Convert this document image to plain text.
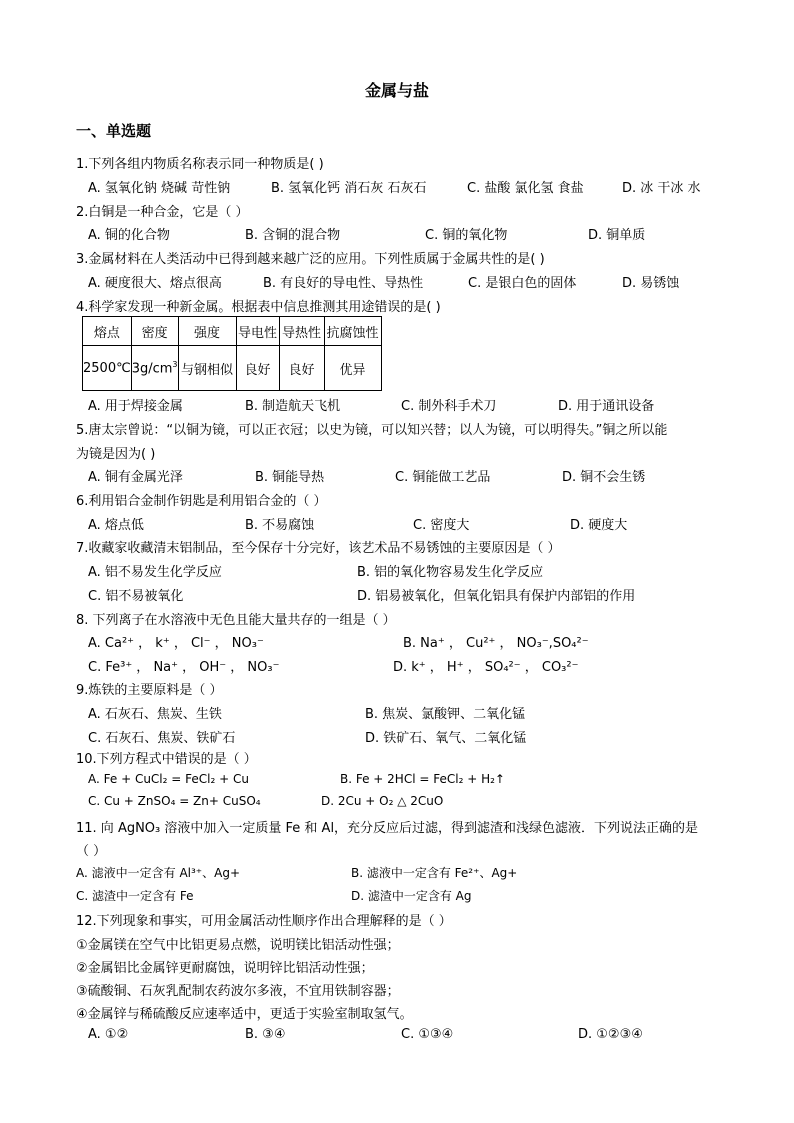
金属与盐
一、单选题
1.下列各组内物质名称表示同一种物质是( )
A. 氢氧化钠 烧碱 苛性钠	B. 氢氧化钙 消石灰 石灰石	C. 盐酸 氯化氢 食盐	D. 冰 干冰 水
2.白铜是一种合金，它是（ ）
A. 铜的化合物	B. 含铜的混合物	C. 铜的氧化物	D. 铜单质
3.金属材料在人类活动中已得到越来越广泛的应用。下列性质属于金属共性的是( )
A. 硬度很大、熔点很高	B. 有良好的导电性、导热性	C. 是银白色的固体	D. 易锈蚀
4.科学家发现一种新金属。根据表中信息推测其用途错误的是( )
熔点	密度	强度	导电性	导热性	抗腐蚀性
2500℃	$3g/cm^3$	与钢相似	良好	良好	优异
A. 用于焊接金属	B. 制造航天飞机	C. 制外科手术刀	D. 用于通讯设备
5.唐太宗曾说：“以铜为镜，可以正衣冠；以史为镜，可以知兴替；以人为镜，可以明得失。”铜之所以能
为镜是因为( )
A. 铜有金属光泽	B. 铜能导热	C. 铜能做工艺品	D. 铜不会生锈
6.利用铝合金制作钥匙是利用铝合金的（ ）
A. 熔点低	B. 不易腐蚀	C. 密度大	D. 硬度大
7.收藏家收藏清末铝制品，至今保存十分完好，该艺术品不易锈蚀的主要原因是（ ）
A. 铝不易发生化学反应	B. 铝的氧化物容易发生化学反应
C. 铝不易被氧化	D. 铝易被氧化，但氧化铝具有保护内部铝的作用
8. 下列离子在水溶液中无色且能大量共存的一组是（ ）
A. Ca²⁺ ， k⁺ ， Cl⁻ ， NO₃⁻	B. Na⁺ ， Cu²⁺ ， NO₃⁻,SO₄²⁻
C. Fe³⁺ ， Na⁺ ， OH⁻ ， NO₃⁻	D. k⁺ ， H⁺ ， SO₄²⁻ ， CO₃²⁻
9.炼铁的主要原料是（ ）
A. 石灰石、焦炭、生铁	B. 焦炭、氯酸钾、二氧化锰
C. 石灰石、焦炭、铁矿石	D. 铁矿石、氧气、二氧化锰
10.下列方程式中错误的是（ ）
A. Fe + CuCl₂ = FeCl₂ + Cu	B. Fe + 2HCl = FeCl₂ + H₂↑
C. Cu + ZnSO₄ = Zn+ CuSO₄	D. 2Cu + O₂ △ 2CuO
11. 向 AgNO₃ 溶液中加入一定质量 Fe 和 Al，充分反应后过滤，得到滤渣和浅绿色滤液．下列说法正确的是
（ ）
A. 滤液中一定含有 Al³⁺、Ag+	B. 滤液中一定含有 Fe²⁺、Ag+
C. 滤渣中一定含有 Fe	D. 滤渣中一定含有 Ag
12.下列现象和事实，可用金属活动性顺序作出合理解释的是（ ）
①金属镁在空气中比铝更易点燃，说明镁比铝活动性强；
②金属铝比金属锌更耐腐蚀，说明锌比铝活动性强；
③硫酸铜、石灰乳配制农药波尔多液，不宜用铁制容器；
④金属锌与稀硫酸反应速率适中，更适于实验室制取氢气。
A. ①②	B. ③④	C. ①③④	D. ①②③④
